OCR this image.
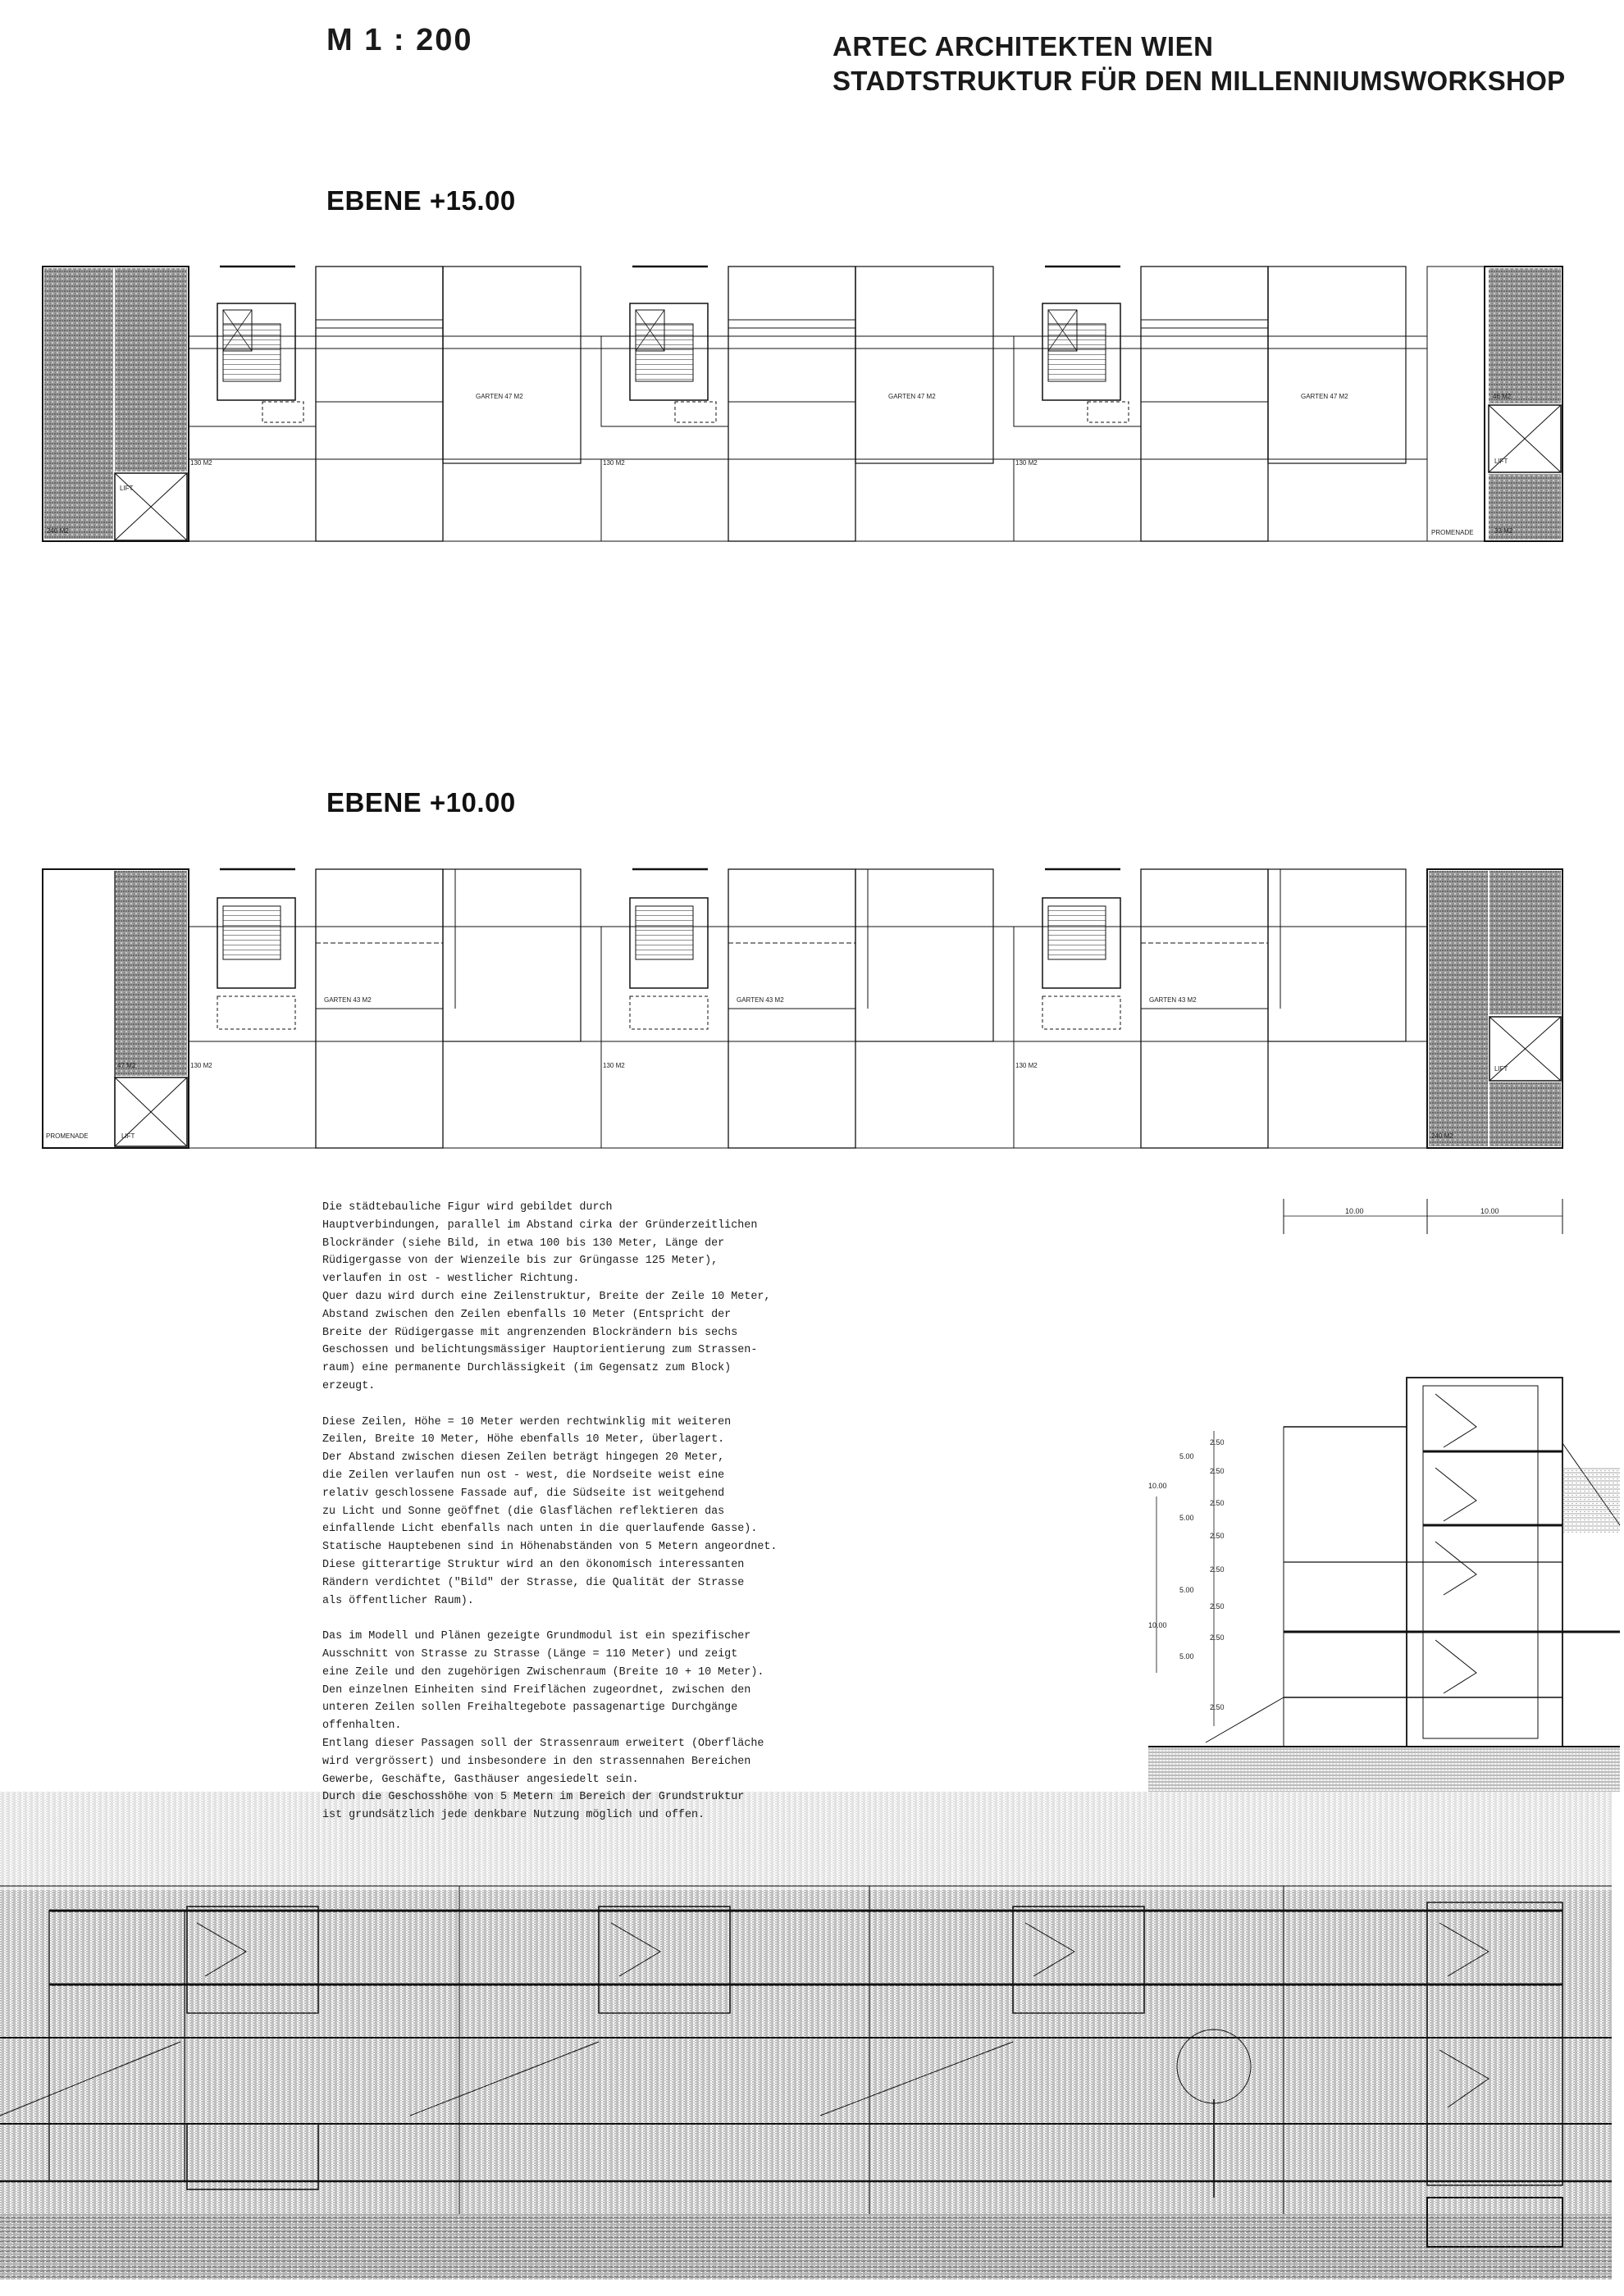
M 1 : 200	ARTEC ARCHITEKTEN WIEN
STADTSTRUKTUR FÜR DEN MILLENNIUMSWORKSHOP
EBENE +15.00
EBENE +10.00
GARTEN 47 M2	GARTEN 47 M2	GARTEN 47 M2
130 M2	130 M2	130 M2
240 M2
LIFT
46 M2
LIFT
PROMENADE	33 M2
GARTEN 43 M2	GARTEN 43 M2	GARTEN 43 M2
130 M2	130 M2	130 M2
47 M2
PROMENADE	LIFT
LIFT
240 M2
10.00	10.00
2.50
5.00
2.50
10.00
2.50
5.00
2.50
2.50
5.00
2.50
10.00
2.50
5.00
2.50

Die städtebauliche Figur wird gebildet durch
Hauptverbindungen, parallel im Abstand cirka der Gründerzeitlichen
Blockränder (siehe Bild, in etwa 100 bis 130 Meter, Länge der
Rüdigergasse von der Wienzeile bis zur Grüngasse 125 Meter),
verlaufen in ost - westlicher Richtung.
Quer dazu wird durch eine Zeilenstruktur, Breite der Zeile 10 Meter,
Abstand zwischen den Zeilen ebenfalls 10 Meter (Entspricht der
Breite der Rüdigergasse mit angrenzenden Blockrändern bis sechs
Geschossen und belichtungsmässiger Hauptorientierung zum Strassen-
raum) eine permanente Durchlässigkeit (im Gegensatz zum Block)
erzeugt.

Diese Zeilen, Höhe = 10 Meter werden rechtwinklig mit weiteren
Zeilen, Breite 10 Meter, Höhe ebenfalls 10 Meter, überlagert.
Der Abstand zwischen diesen Zeilen beträgt hingegen 20 Meter,
die Zeilen verlaufen nun ost - west, die Nordseite weist eine
relativ geschlossene Fassade auf, die Südseite ist weitgehend
zu Licht und Sonne geöffnet (die Glasflächen reflektieren das
einfallende Licht ebenfalls nach unten in die querlaufende Gasse).
Statische Hauptebenen sind in Höhenabständen von 5 Metern angeordnet.
Diese gitterartige Struktur wird an den ökonomisch interessanten
Rändern verdichtet ("Bild" der Strasse, die Qualität der Strasse
als öffentlicher Raum).

Das im Modell und Plänen gezeigte Grundmodul ist ein spezifischer
Ausschnitt von Strasse zu Strasse (Länge = 110 Meter) und zeigt
eine Zeile und den zugehörigen Zwischenraum (Breite 10 + 10 Meter).
Den einzelnen Einheiten sind Freiflächen zugeordnet, zwischen den
unteren Zeilen sollen Freihaltegebote passagenartige Durchgänge
offenhalten.
Entlang dieser Passagen soll der Strassenraum erweitert (Oberfläche
wird vergrössert) und insbesondere in den strassennahen Bereichen
Gewerbe, Geschäfte, Gasthäuser angesiedelt sein.
Durch die Geschosshöhe von 5 Metern im Bereich der Grundstruktur
ist grundsätzlich jede denkbare Nutzung möglich und offen.
